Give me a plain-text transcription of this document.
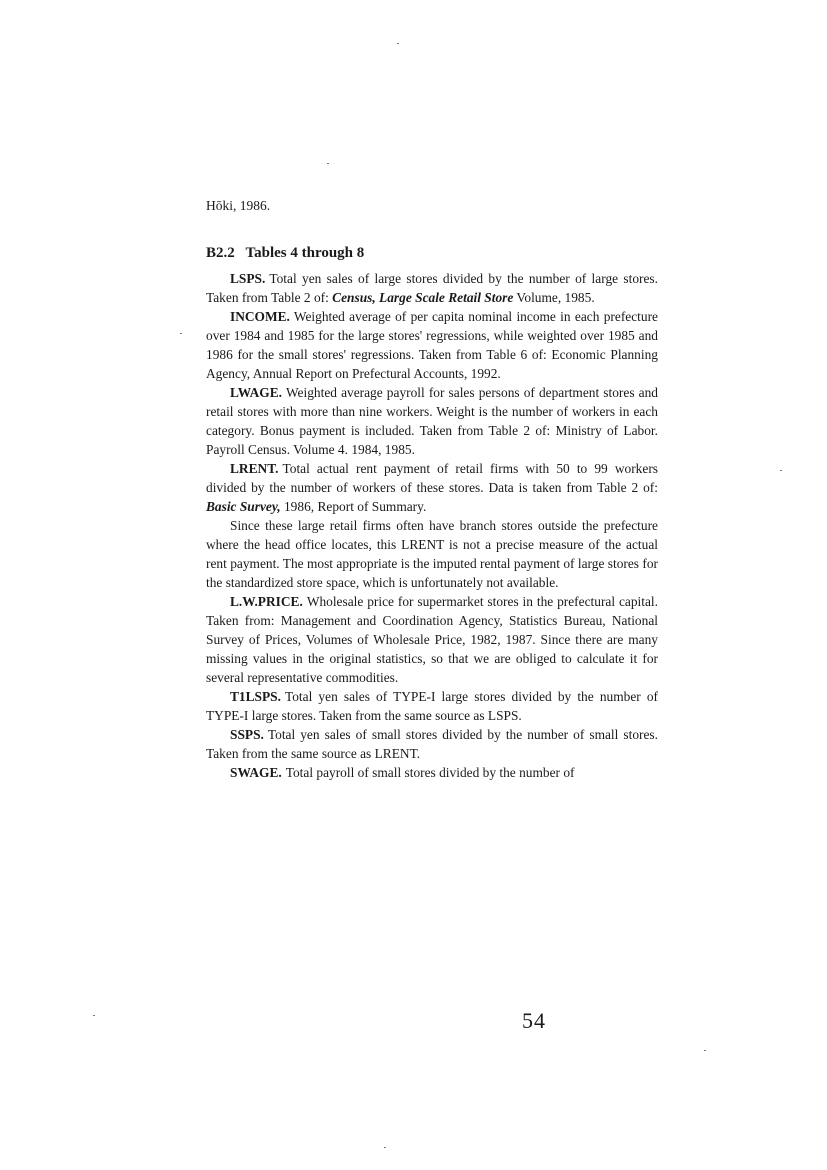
Hōki, 1986.

B2.2 Tables 4 through 8

LSPS. Total yen sales of large stores divided by the number of large stores. Taken from Table 2 of: Census, Large Scale Retail Store Volume, 1985.

INCOME. Weighted average of per capita nominal income in each prefecture over 1984 and 1985 for the large stores' regressions, while weighted over 1985 and 1986 for the small stores' regressions. Taken from Table 6 of: Economic Planning Agency, Annual Report on Prefectural Accounts, 1992.

LWAGE. Weighted average payroll for sales persons of department stores and retail stores with more than nine workers. Weight is the number of workers in each category. Bonus payment is included. Taken from Table 2 of: Ministry of Labor. Payroll Census. Volume 4. 1984, 1985.

LRENT. Total actual rent payment of retail firms with 50 to 99 workers divided by the number of workers of these stores. Data is taken from Table 2 of: Basic Survey, 1986, Report of Summary.

Since these large retail firms often have branch stores outside the prefecture where the head office locates, this LRENT is not a precise measure of the actual rent payment. The most appropriate is the imputed rental payment of large stores for the standardized store space, which is unfortunately not available.

L.W.PRICE. Wholesale price for supermarket stores in the prefectural capital. Taken from: Management and Coordination Agency, Statistics Bureau, National Survey of Prices, Volumes of Wholesale Price, 1982, 1987. Since there are many missing values in the original statistics, so that we are obliged to calculate it for several representative commodities.

T1LSPS. Total yen sales of TYPE-I large stores divided by the number of TYPE-I large stores. Taken from the same source as LSPS.

SSPS. Total yen sales of small stores divided by the number of small stores. Taken from the same source as LRENT.

SWAGE. Total payroll of small stores divided by the number of

54
